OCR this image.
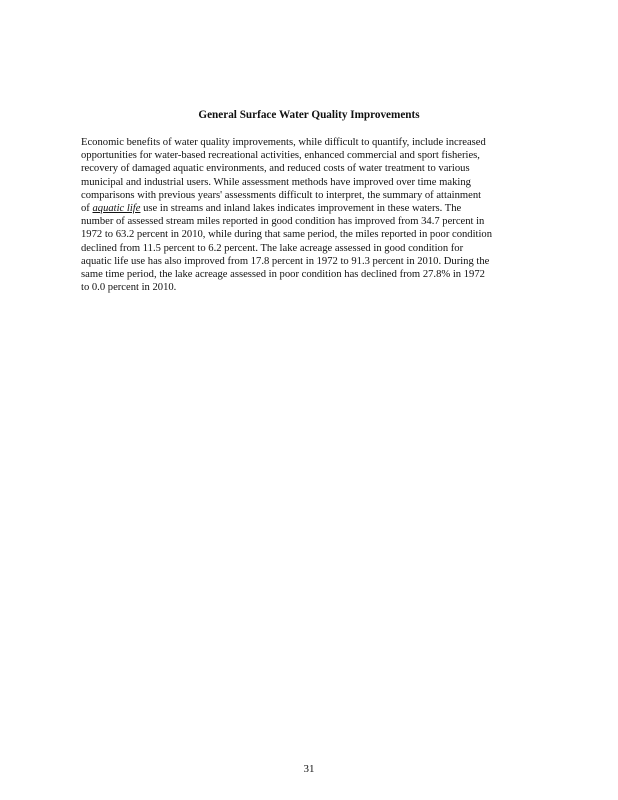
General Surface Water Quality Improvements
Economic benefits of water quality improvements, while difficult to quantify, include increased
opportunities for water-based recreational activities, enhanced commercial and sport fisheries,
recovery of damaged aquatic environments, and reduced costs of water treatment to various
municipal and industrial users. While assessment methods have improved over time making
comparisons with previous years' assessments difficult to interpret, the summary of attainment
of aquatic life use in streams and inland lakes indicates improvement in these waters. The
number of assessed stream miles reported in good condition has improved from 34.7 percent in
1972 to 63.2 percent in 2010, while during that same period, the miles reported in poor condition
declined from 11.5 percent to 6.2 percent. The lake acreage assessed in good condition for
aquatic life use has also improved from 17.8 percent in 1972 to 91.3 percent in 2010. During the
same time period, the lake acreage assessed in poor condition has declined from 27.8% in 1972
to 0.0 percent in 2010.
31
